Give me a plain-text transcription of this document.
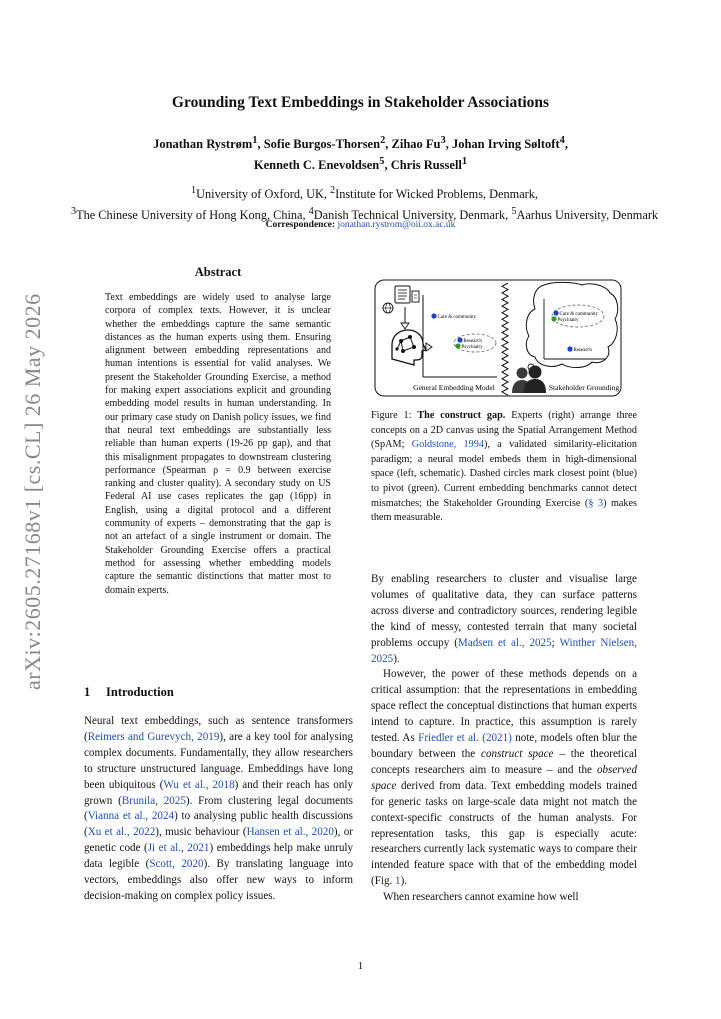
Grounding Text Embeddings in Stakeholder Associations
Jonathan Rystrøm$^1$, Sofie Burgos-Thorsen$^2$, Zihao Fu$^3$, Johan Irving Søltoft$^4$,
Kenneth C. Enevoldsen$^5$, Chris Russell$^1$
$^1$University of Oxford, UK, $^2$Institute for Wicked Problems, Denmark,
$^3$The Chinese University of Hong Kong, China, $^4$Danish Technical University, Denmark, $^5$Aarhus University, Denmark
Correspondence: jonathan.rystrom@oii.ox.ac.uk
arXiv:2605.27168v1 [cs.CL] 26 May 2026
Abstract
Text embeddings are widely used to analyse large corpora of complex texts. However, it is unclear whether the embeddings capture the same semantic distances as the human experts using them. Ensuring alignment between embedding representations and human intentions is essential for valid analyses. We present the Stakeholder Grounding Exercise, a method for making expert associations explicit and grounding embedding model results in human understanding. In our primary case study on Danish policy issues, we find that neural text embeddings are substantially less reliable than human experts (19-26 pp gap), and that this misalignment propagates to downstream clustering performance (Spearman ρ = 0.9 between exercise ranking and cluster quality). A secondary study on US Federal AI use cases replicates the gap (16pp) in English, using a digital protocol and a different community of experts – demonstrating that the gap is not an artefact of a single instrument or domain. The Stakeholder Grounding Exercise offers a practical method for assessing whether embedding models capture the semantic distinctions that matter most to domain experts.
1 Introduction
Neural text embeddings, such as sentence transformers (Reimers and Gurevych, 2019), are a key tool for analysing complex documents. Fundamentally, they allow researchers to structure unstructured language. Embeddings have long been ubiquitous (Wu et al., 2018) and their reach has only grown (Brunila, 2025). From clustering legal documents (Vianna et al., 2024) to analysing public health discussions (Xu et al., 2022), music behaviour (Hansen et al., 2020), or genetic code (Ji et al., 2021) embeddings help make unruly data legible (Scott, 2020). By translating language into vectors, embeddings also offer new ways to inform decision-making on complex policy issues.
Care & community
Research
Psychiatry
General Embedding Model
Care & community
Psychiatry
Research
Stakeholder Grounding
Figure 1: The construct gap. Experts (right) arrange three concepts on a 2D canvas using the Spatial Arrangement Method (SpAM; Goldstone, 1994), a validated similarity-elicitation paradigm; a neural model embeds them in high-dimensional space (left, schematic). Dashed circles mark closest point (blue) to pivot (green). Current embedding benchmarks cannot detect mismatches; the Stakeholder Grounding Exercise (§ 3) makes them measurable.

By enabling researchers to cluster and visualise large volumes of qualitative data, they can surface patterns across diverse and contradictory sources, rendering legible the kind of messy, contested terrain that many societal problems occupy (Madsen et al., 2025; Winther Nielsen, 2025).

However, the power of these methods depends on a critical assumption: that the representations in embedding space reflect the conceptual distinctions that human experts intend to capture. In practice, this assumption is rarely tested. As Friedler et al. (2021) note, models often blur the boundary between the construct space – the theoretical concepts researchers aim to measure – and the observed space derived from data. Text embedding models trained for generic tasks on large-scale data might not match the context-specific constructs of the human analysts. For representation tasks, this gap is especially acute: researchers currently lack systematic ways to compare their intended feature space with that of the embedding model (Fig. 1).

When researchers cannot examine how well

1
